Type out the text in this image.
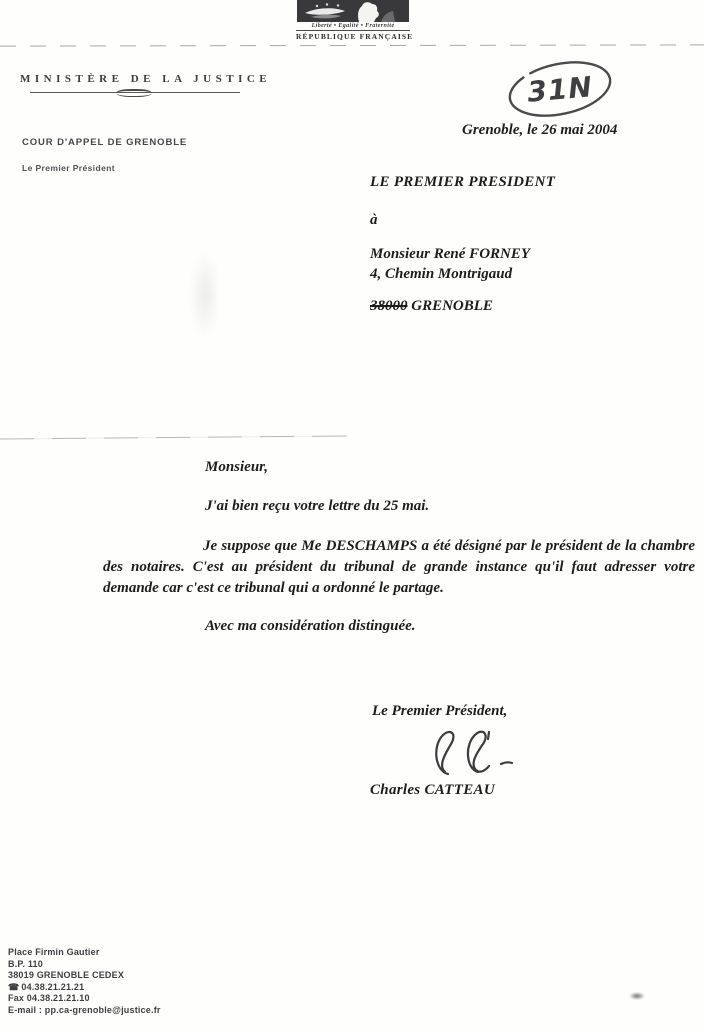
Liberté • Égalité • Fraternité
RÉPUBLIQUE FRANÇAISE
MINISTÈRE DE LA JUSTICE	31N
COUR D'APPEL DE GRENOBLE
Le Premier Président
Grenoble, le 26 mai 2004
LE PREMIER PRESIDENT
à
Monsieur René FORNEY
4, Chemin Montrigaud
38000 GRENOBLE
Monsieur,
J'ai bien reçu votre lettre du 25 mai.
Je suppose que Me DESCHAMPS a été désigné par le président de la chambre des notaires. C'est au président du tribunal de grande instance qu'il faut adresser votre demande car c'est ce tribunal qui a ordonné le partage.
Avec ma considération distinguée.
Le Premier Président,
Charles CATTEAU
Place Firmin Gautier
B.P. 110
38019 GRENOBLE CEDEX
☎ 04.38.21.21.21
Fax 04.38.21.21.10
E-mail : pp.ca-grenoble@justice.fr
